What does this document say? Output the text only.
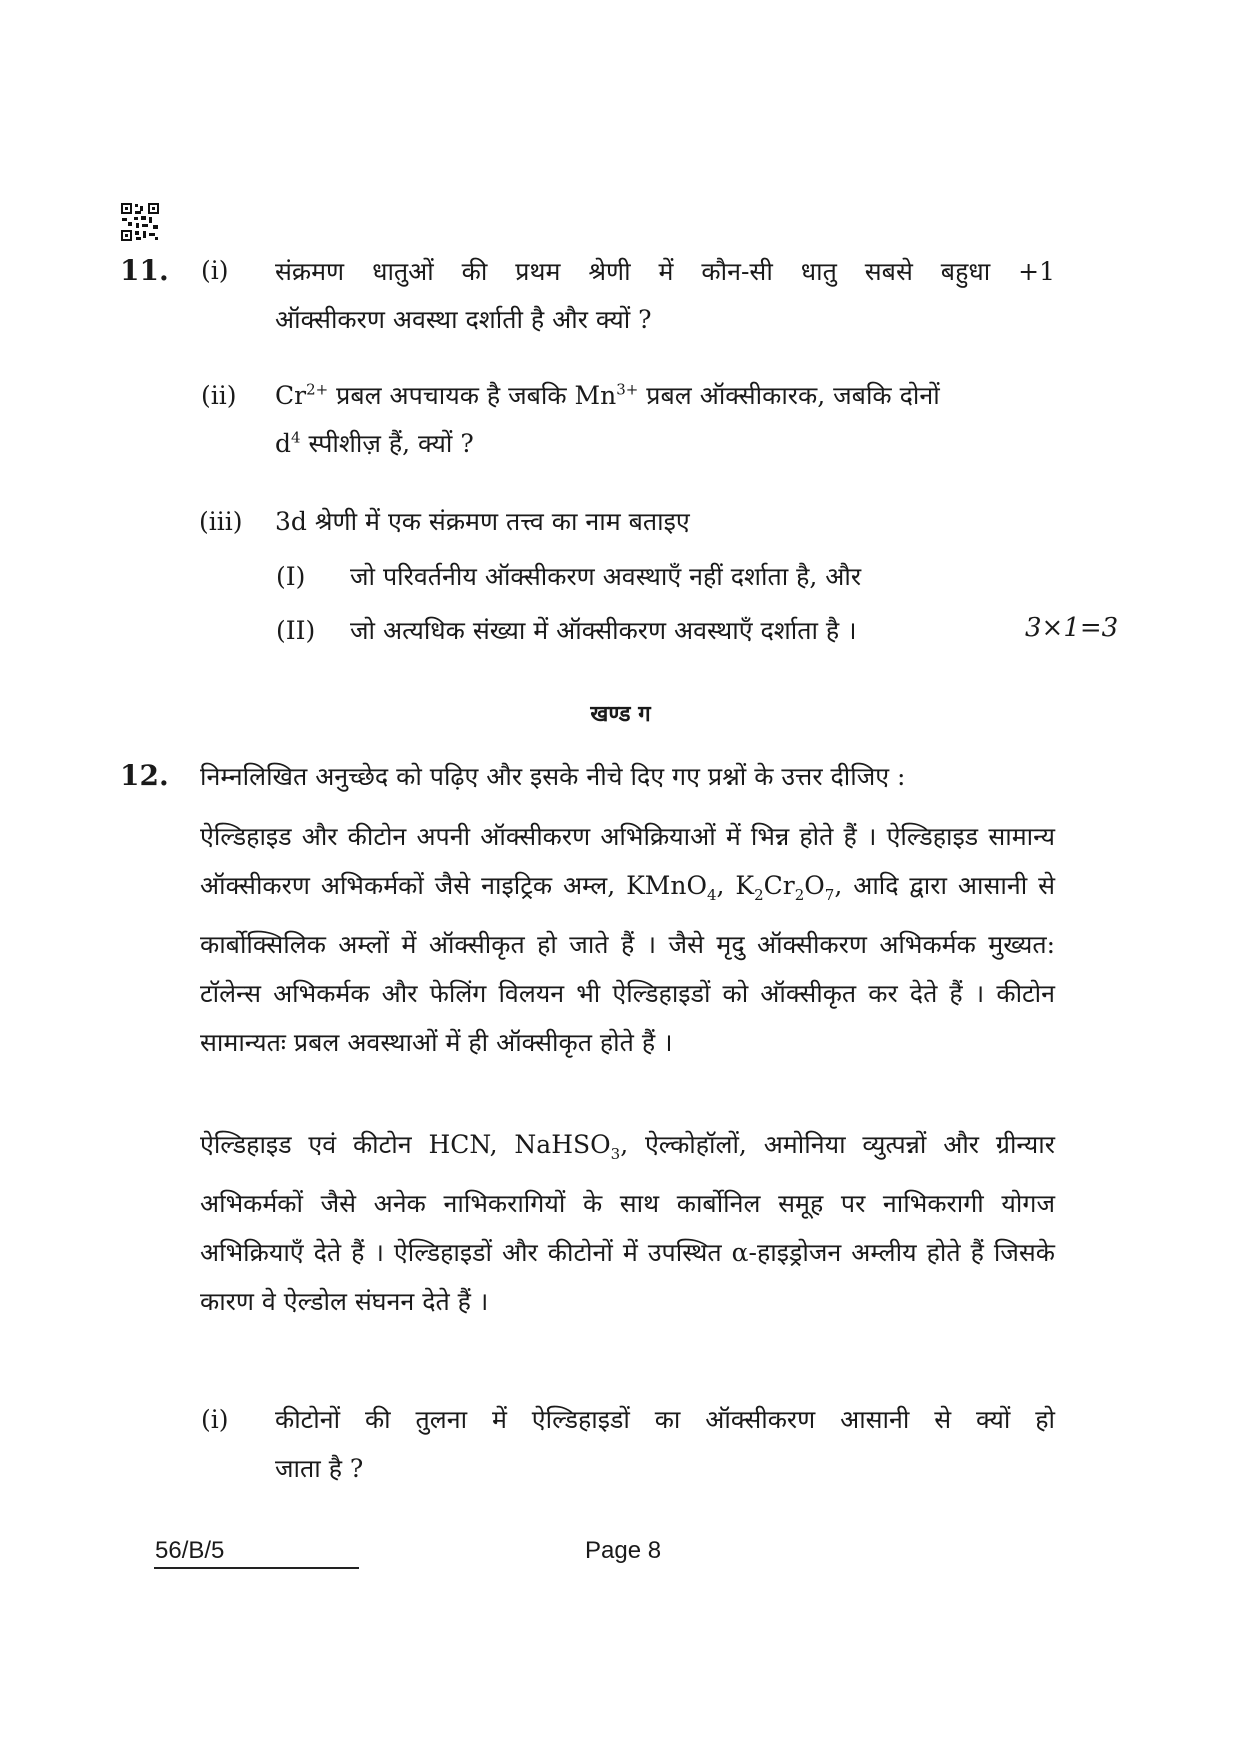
11. (i) संक्रमण धातुओं की प्रथम श्रेणी में कौन-सी धातु सबसे बहुधा +1
ऑक्सीकरण अवस्था दर्शाती है और क्यों ?
(ii) $Cr^{2+}$ प्रबल अपचायक है जबकि $Mn^{3+}$ प्रबल ऑक्सीकारक, जबकि दोनों
$d^4$ स्पीशीज़ हैं, क्यों ?
(iii) 3d श्रेणी में एक संक्रमण तत्त्व का नाम बताइए
(I) जो परिवर्तनीय ऑक्सीकरण अवस्थाएँ नहीं दर्शाता है, और
(II) जो अत्यधिक संख्या में ऑक्सीकरण अवस्थाएँ दर्शाता है ।	3×1=3
खण्ड ग
12. निम्नलिखित अनुच्छेद को पढ़िए और इसके नीचे दिए गए प्रश्नों के उत्तर दीजिए :
ऐल्डिहाइड और कीटोन अपनी ऑक्सीकरण अभिक्रियाओं में भिन्न होते हैं । ऐल्डिहाइड सामान्य ऑक्सीकरण अभिकर्मकों जैसे नाइट्रिक अम्ल, KMnO$_4$, $K_2Cr_2O_7$, आदि द्वारा आसानी से कार्बोक्सिलिक अम्लों में ऑक्सीकृत हो जाते हैं । जैसे मृदु ऑक्सीकरण अभिकर्मक मुख्यत: टॉलेन्स अभिकर्मक और फेलिंग विलयन भी ऐल्डिहाइडों को ऑक्सीकृत कर देते हैं । कीटोन सामान्यतः प्रबल अवस्थाओं में ही ऑक्सीकृत होते हैं ।
ऐल्डिहाइड एवं कीटोन HCN, NaHSO$_3$, ऐल्कोहॉलों, अमोनिया व्युत्पन्नों और ग्रीन्यार अभिकर्मकों जैसे अनेक नाभिकरागियों के साथ कार्बोनिल समूह पर नाभिकरागी योगज अभिक्रियाएँ देते हैं । ऐल्डिहाइडों और कीटोनों में उपस्थित α-हाइड्रोजन अम्लीय होते हैं जिसके कारण वे ऐल्डोल संघनन देते हैं ।
(i) कीटोनों की तुलना में ऐल्डिहाइडों का ऑक्सीकरण आसानी से क्यों हो
जाता है ?
56/B/5	Page 8
